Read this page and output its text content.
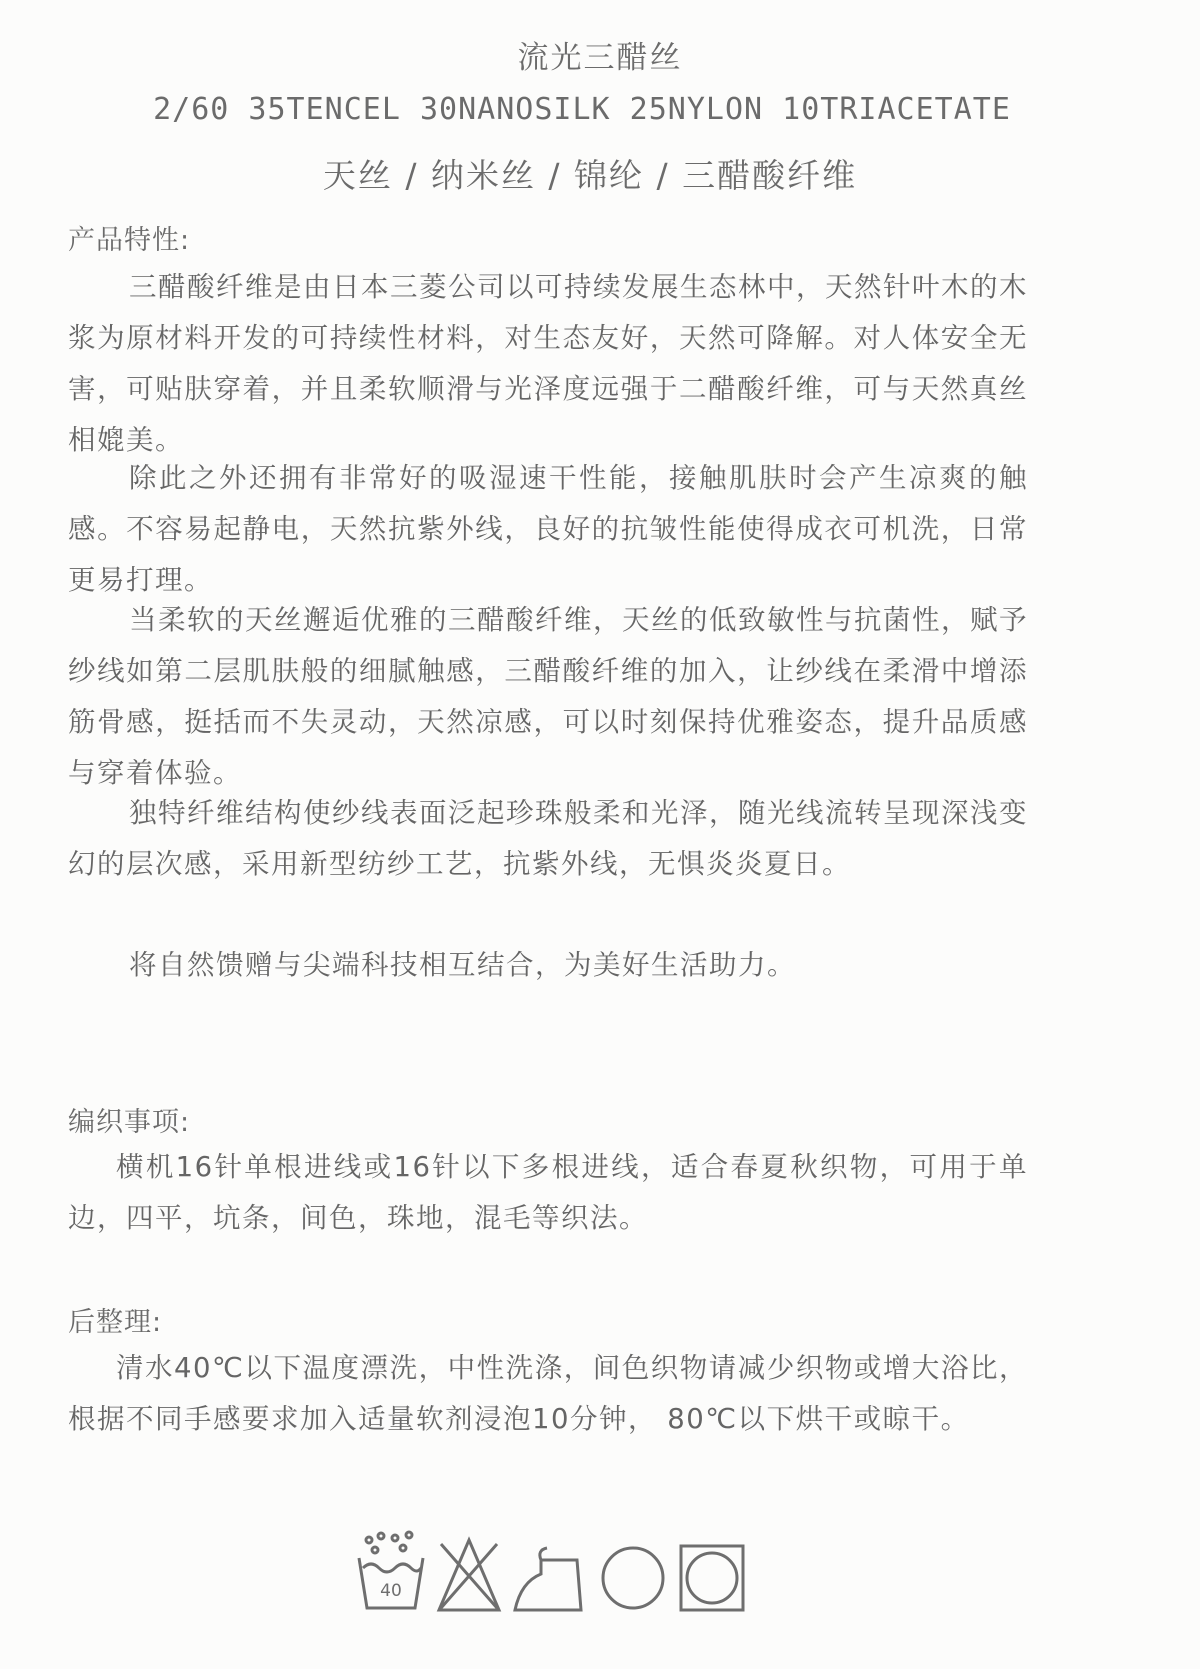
流光三醋丝
2/60 35TENCEL 30NANOSILK 25NYLON 10TRIACETATE
天丝 / 纳米丝 / 锦纶 / 三醋酸纤维
产品特性:

三醋酸纤维是由日本三菱公司以可持续发展生态林中，天然针叶木的木浆为原材料开发的可持续性材料，对生态友好，天然可降解。对人体安全无害，可贴肤穿着，并且柔软顺滑与光泽度远强于二醋酸纤维，可与天然真丝相媲美。

除此之外还拥有非常好的吸湿速干性能，接触肌肤时会产生凉爽的触感。不容易起静电，天然抗紫外线，良好的抗皱性能使得成衣可机洗，日常更易打理。

当柔软的天丝邂逅优雅的三醋酸纤维，天丝的低致敏性与抗菌性，赋予纱线如第二层肌肤般的细腻触感，三醋酸纤维的加入，让纱线在柔滑中增添筋骨感，挺括而不失灵动，天然凉感，可以时刻保持优雅姿态，提升品质感与穿着体验。

独特纤维结构使纱线表面泛起珍珠般柔和光泽，随光线流转呈现深浅变幻的层次感，采用新型纺纱工艺，抗紫外线，无惧炎炎夏日。

将自然馈赠与尖端科技相互结合，为美好生活助力。

编织事项:

横机16针单根进线或16针以下多根进线，适合春夏秋织物，可用于单边，四平，坑条，间色，珠地，混毛等织法。

后整理:

清水40℃以下温度漂洗，中性洗涤，间色织物请减少织物或增大浴比，根据不同手感要求加入适量软剂浸泡10分钟， 80℃以下烘干或晾干。

40
